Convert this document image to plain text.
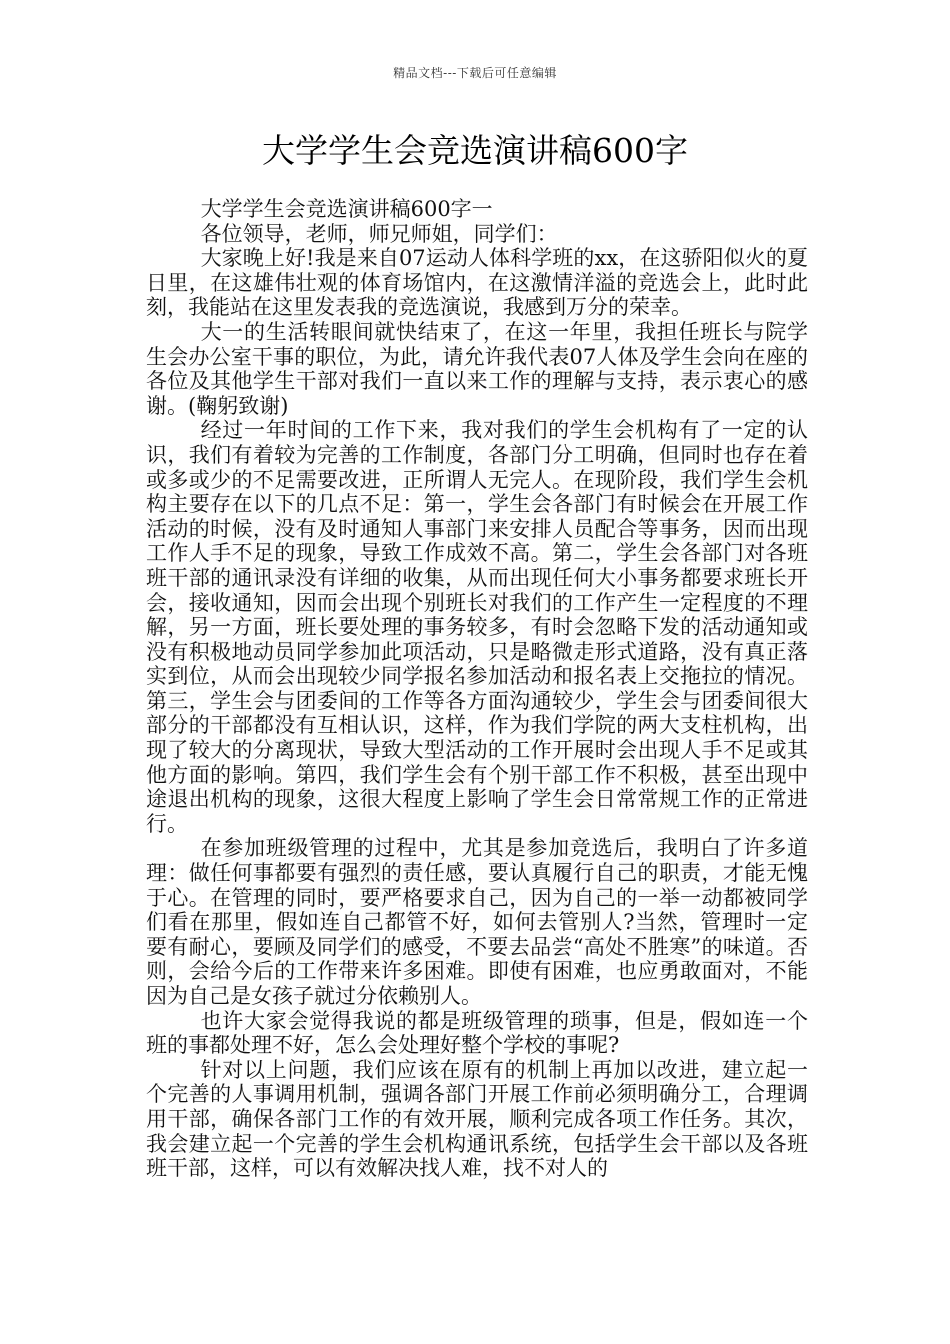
精品文档---下载后可任意编辑
大学学生会竞选演讲稿600字

大学学生会竞选演讲稿600字一

各位领导，老师，师兄师姐，同学们：

大家晚上好!我是来自07运动人体科学班的xx，在这骄阳似火的夏日里，在这雄伟壮观的体育场馆内，在这激情洋溢的竞选会上，此时此刻，我能站在这里发表我的竞选演说，我感到万分的荣幸。

大一的生活转眼间就快结束了，在这一年里，我担任班长与院学生会办公室干事的职位，为此，请允许我代表07人体及学生会向在座的各位及其他学生干部对我们一直以来工作的理解与支持，表示衷心的感谢。(鞠躬致谢)

经过一年时间的工作下来，我对我们的学生会机构有了一定的认识，我们有着较为完善的工作制度，各部门分工明确，但同时也存在着或多或少的不足需要改进，正所谓人无完人。在现阶段，我们学生会机构主要存在以下的几点不足：第一，学生会各部门有时候会在开展工作活动的时候，没有及时通知人事部门来安排人员配合等事务，因而出现工作人手不足的现象，导致工作成效不高。第二，学生会各部门对各班班干部的通讯录没有详细的收集，从而出现任何大小事务都要求班长开会，接收通知，因而会出现个别班长对我们的工作产生一定程度的不理解，另一方面，班长要处理的事务较多，有时会忽略下发的活动通知或没有积极地动员同学参加此项活动，只是略微走形式道路，没有真正落实到位，从而会出现较少同学报名参加活动和报名表上交拖拉的情况。第三，学生会与团委间的工作等各方面沟通较少，学生会与团委间很大部分的干部都没有互相认识，这样，作为我们学院的两大支柱机构，出现了较大的分离现状，导致大型活动的工作开展时会出现人手不足或其他方面的影响。第四，我们学生会有个别干部工作不积极，甚至出现中途退出机构的现象，这很大程度上影响了学生会日常常规工作的正常进行。

在参加班级管理的过程中，尤其是参加竞选后，我明白了许多道理：做任何事都要有强烈的责任感，要认真履行自己的职责，才能无愧于心。在管理的同时，要严格要求自己，因为自己的一举一动都被同学们看在那里，假如连自己都管不好，如何去管别人?当然，管理时一定要有耐心，要顾及同学们的感受，不要去品尝“高处不胜寒”的味道。否则，会给今后的工作带来许多困难。即使有困难，也应勇敢面对，不能因为自己是女孩子就过分依赖别人。

也许大家会觉得我说的都是班级管理的琐事，但是，假如连一个班的事都处理不好，怎么会处理好整个学校的事呢?

针对以上问题，我们应该在原有的机制上再加以改进，建立起一个完善的人事调用机制，强调各部门开展工作前必须明确分工，合理调用干部，确保各部门工作的有效开展，顺利完成各项工作任务。其次，我会建立起一个完善的学生会机构通讯系统，包括学生会干部以及各班班干部，这样，可以有效解决找人难，找不对人的
